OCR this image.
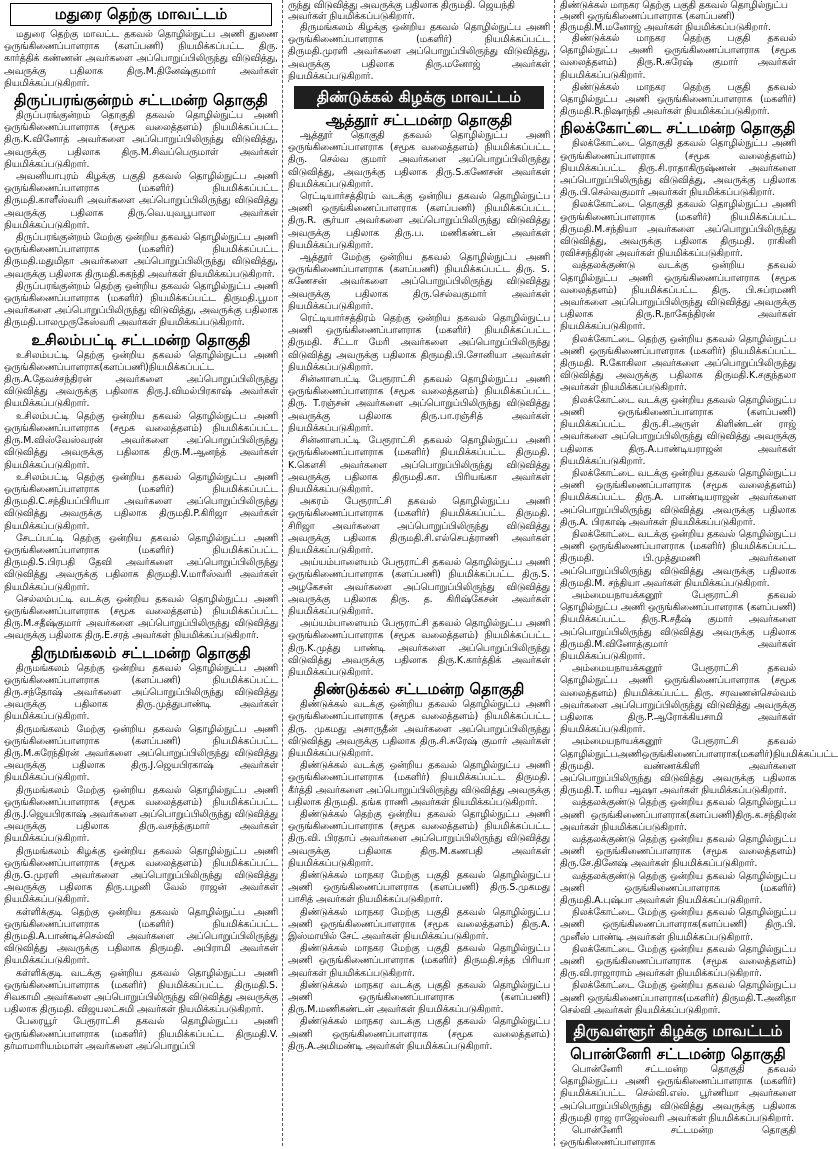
மதுரை தெற்கு மாவட்டம்

மதுரை தெற்கு மாவட்ட தகவல் தொழில்நுட்ப அணி துணை ஒருங்கிணைப்பாளராக (களப்பணி) நியமிக்கப்பட்ட திரு. கார்த்திக் கண்ணன் அவர்களை அப்பொறுப்பிலிருந்து விடுவித்து, அவருக்கு பதிலாக திரு.M.தினேஷ்குமார் அவர்கள் நியமிக்கப்படுகிறார்.

திருப்பரங்குன்றம் சட்டமன்ற தொகுதி

திருப்பரங்குன்றம் தொகுதி தகவல் தொழில்நுட்ப அணி ஒருங்கிணைப்பாளராக (சமூக வலைத்தளம்) நியமிக்கப்பட்ட திரு.K.வினோத் அவர்களை அப்பொறுப்பிலிருந்து விடுவித்து, அவருக்கு பதிலாக திரு.M.சிவப்பெருமாள் அவர்கள் நியமிக்கப்படுகிறார்.

அவனியாபுரம் கிழக்கு பகுதி தகவல் தொழில்நுட்ப அணி ஒருங்கிணைப்பாளராக (மகளிர்) நியமிக்கப்பட்ட திருமதி.காளீஸ்வரி அவர்களை அப்பொறுப்பிலிருந்து விடுவித்து அவருக்கு பதிலாக திரு.வெ.யுவபூபாலா அவர்கள் நியமிக்கப்படுகிறார்.

திருப்பரங்குன்றம் மேற்கு ஒன்றிய தகவல் தொழில்நுட்ப அணி ஒருங்கிணைப்பாளராக (மகளிர்) நியமிக்கப்பட்ட திருமதி.மதுமிதா அவர்களை அப்பொறுப்பிலிருந்து விடுவித்து, அவருக்கு பதிலாக திருமதி.சுகந்தி அவர்கள் நியமிக்கப்படுகிறார்.

திருப்பரங்குன்றம் தெற்கு ஒன்றிய தகவல் தொழில்நுட்ப அணி ஒருங்கிணைப்பாளராக (மகளிர்) நியமிக்கப்பட்ட திருமதி.பூமா அவர்களை அப்பொறுப்பிலிருந்து விடுவித்து, அவருக்கு பதிலாக திருமதி.பாலமுருகேஸ்வரி அவர்கள் நியமிக்கப்படுகிறார்.

உசிலம்பட்டி சட்டமன்ற தொகுதி

உசிலம்பட்டி தெற்கு ஒன்றிய தகவல் தொழில்நுட்ப அணி ஒருங்கிணைப்பாளராக(களப்பணி)நியமிக்கப்பட்ட திரு.A.தேவச்சந்திரன் அவர்களை அப்பொறுப்பிலிருந்து விடுவித்து அவருக்கு பதிலாக திரு.J.விமல்பிரகாஷ் அவர்கள் நியமிக்கப்படுகிறார்.

உசிலம்பட்டி தெற்கு ஒன்றிய தகவல் தொழில்நுட்ப அணி ஒருங்கிணைப்பாளராக (சமூக வலைத்தளம்) நியமிக்கப்பட்ட திரு.M.விஸ்வேஸ்வரன் அவர்களை அப்பொறுப்பிலிருந்து விடுவித்து அவருக்கு பதிலாக திரு.M.ஆனந்த் அவர்கள் நியமிக்கப்படுகிறார்.

உசிலம்பட்டி தெற்கு ஒன்றிய தகவல் தொழில்நுட்ப அணி ஒருங்கிணைப்பாளராக (மகளிர்) நியமிக்கப்பட்ட திருமதி.C.சந்தியப்பிரியா அவர்களை அப்பொறுப்பிலிருந்து விடுவித்து அவருக்கு பதிலாக திருமதி.P.கிரிஜா அவர்கள் நியமிக்கப்படுகிறார்.

சேடப்பட்டி தெற்கு ஒன்றிய தகவல் தொழில்நுட்ப அணி ஒருங்கிணைப்பாளராக (மகளிர்) நியமிக்கப்பட்ட திருமதி.S.பிரபதி தேவி அவர்களை அப்பொறுப்பிலிருந்து விடுவித்து அவருக்கு பதிலாக திருமதி.V.மாரீஸ்வரி அவர்கள் நியமிக்கப்படுகிறார்.

செல்லம்பட்டி வடக்கு ஒன்றிய தகவல் தொழில்நுட்ப அணி ஒருங்கிணைப்பாளராக (சமூக வலைத்தளம்) நியமிக்கப்பட்ட திரு.M.சதீஷ்குமார் அவர்களை அப்பொறுப்பிலிருந்து விடுவித்து அவருக்கு பதிலாக திரு.E.சரத் அவர்கள் நியமிக்கப்படுகிறார்.

திருமங்கலம் சட்டமன்ற தொகுதி

திருமங்கலம் தெற்கு ஒன்றிய தகவல் தொழில்நுட்ப அணி ஒருங்கிணைப்பாளராக (களப்பணி) நியமிக்கப்பட்ட திரு.சந்தோஷ் அவர்களை அப்பொறுப்பிலிருந்து விடுவித்து அவருக்கு பதிலாக திரு.முத்துபாண்டி அவர்கள் நியமிக்கப்படுகிறார்.

திருமங்கலம் மேற்கு ஒன்றிய தகவல் தொழில்நுட்ப அணி ஒருங்கிணைப்பாளராக (களப்பணி) நியமிக்கப்பட்ட திரு.M.சுரேந்திரன் அவர்களை அப்பொறுப்பிலிருந்து விடுவித்து அவருக்கு பதிலாக திரு.J.ஜெயபிரகாஷ் அவர்கள் நியமிக்கப்படுகிறார்.

திருமங்கலம் மேற்கு ஒன்றிய தகவல் தொழில்நுட்ப அணி ஒருங்கிணைப்பாளராக (சமூக வலைத்தளம்) நியமிக்கப்பட்ட திரு.J.ஜெயபிரகாஷ் அவர்களை அப்பொறுப்பிலிருந்து விடுவித்து அவருக்கு பதிலாக திரு.வசந்த்குமார் அவர்கள் நியமிக்கப்படுகிறார்.

திருமங்கலம் கிழக்கு ஒன்றிய தகவல் தொழில்நுட்ப அணி ஒருங்கிணைப்பாளராக (சமூக வலைத்தளம்) நியமிக்கப்பட்ட திரு.G.முரளி அவர்களை அப்பொறுப்பிலிருந்து விடுவித்து அவருக்கு பதிலாக திரு.பழனி வேல் ராஜன் அவர்கள் நியமிக்கப்படுகிறார்.

கள்ளிக்குடி தெற்கு ஒன்றிய தகவல் தொழில்நுட்ப அணி ஒருங்கிணைப்பாளராக (மகளிர்) நியமிக்கப்பட்ட திருமதி.A.பாண்டிச்செல்வி அவர்களை அப்பொறுப்பிலிருந்து விடுவித்து அவருக்கு பதிலாக திருமதி. அபிராமி அவர்கள் நியமிக்கப்படுகிறார்.

கள்ளிக்குடி வடக்கு ஒன்றிய தகவல் தொழில்நுட்ப அணி ஒருங்கிணைப்பாளராக (மகளிர்) நியமிக்கப்பட்ட திருமதி.S. சிவகாமி அவர்களை அப்பொறுப்பிலிருந்து விடுவித்து அவருக்கு பதிலாக திருமதி. விஜயலட்சுமி அவர்கள் நியமிக்கப்படுகிறார்.

பேரையூர் பேரூராட்சி தகவல் தொழில்நுட்ப அணி ஒருங்கிணைப்பாளராக (மகளிர்) நியமிக்கப்பட்ட திருமதி.V. தர்மாமாரியம்மாள் அவர்களை அப்பொறுப்பி

ருந்து விடுவித்து அவருக்கு பதிலாக திருமதி. ஜெயந்தி அவர்கள் நியமிக்கப்படுகிறார்.

திருமங்கலம் கிழக்கு ஒன்றிய தகவல் தொழில்நுட்ப அணி ஒருங்கிணைப்பாளராக (மகளிர்) நியமிக்கப்பட்ட திருமதி.முரளி அவர்களை அப்பொறுப்பிலிருந்து விடுவித்து, அவருக்கு பதிலாக திரு.மனோஜ் அவர்கள் நியமிக்கப்படுகிறார்.

திண்டுக்கல் கிழக்கு மாவட்டம்
ஆத்தூர் சட்டமன்ற தொகுதி

ஆத்தூர் தொகுதி தகவல் தொழில்நுட்ப அணி ஒருங்கிணைப்பாளராக (சமூக வலைத்தளம்) நியமிக்கப்பட்ட திரு. செல்வ குமார் அவர்களை அப்பொறுப்பிலிருந்து விடுவித்து, அவருக்கு பதிலாக திரு.S.கணேசன் அவர்கள் நியமிக்கப்படுகிறார்.

ரெட்டியார்சத்திரம் வடக்கு ஒன்றிய தகவல் தொழில்நுட்ப அணி ஒருங்கிணைப்பாளராக (களப்பணி) நியமிக்கப்பட்ட திரு.R. சூர்யா அவர்களை அப்பொறுப்பிலிருந்து விடுவித்து அவருக்கு பதிலாக திரு.ப. மணிகண்டன் அவர்கள் நியமிக்கப்படுகிறார்.

ஆத்தூர் மேற்கு ஒன்றிய தகவல் தொழில்நுட்ப அணி ஒருங்கிணைப்பாளராக (களப்பணி) நியமிக்கப்பட்ட திரு. S. கணேசன் அவர்களை அப்பொறுப்பிலிருந்து விடுவித்து அவருக்கு பதிலாக திரு.செல்வகுமார் அவர்கள் நியமிக்கப்படுகிறார்.

ரெட்டியார்சத்திரம் தெற்கு ஒன்றிய தகவல் தொழில்நுட்ப அணி ஒருங்கிணைப்பாளராக (மகளிர்) நியமிக்கப்பட்ட திருமதி. சீட்டா மேரி அவர்களை அப்பொறுப்பிலிருந்து விடுவித்து அவருக்கு பதிலாக திருமதி.பி.சோனியா அவர்கள் நியமிக்கப்படுகிறார்.

சின்னாளபட்டி பேரூராட்சி தகவல் தொழில்நுட்ப அணி ஒருங்கிணைப்பாளராக (சமூக வலைத்தளம்) நியமிக்கப்பட்ட திரு. T.ரஞ்சன் அவர்களை அப்பொறுப்பிலிருந்து விடுவித்து அவருக்கு பதிலாக திரு.பா.ரஞ்சித் அவர்கள் நியமிக்கப்படுகிறார்.

சின்னாளபட்டி பேரூராட்சி தகவல் தொழில்நுட்ப அணி ஒருங்கிணைப்பாளராக (மகளிர்) நியமிக்கப்பட்ட திருமதி. K.கௌசி அவர்களை அப்பொறுப்பிலிருந்து விடுவித்து அவருக்கு பதிலாக திருமதி.கா. பிரியங்கா அவர்கள் நியமிக்கப்படுகிறார்.

அகரம் பேரூராட்சி தகவல் தொழில்நுட்ப அணி ஒருங்கிணைப்பாளராக (மகளிர்) நியமிக்கப்பட்ட திருமதி. சிரிஜா அவர்களை அப்பொறுப்பிலிருந்து விடுவித்து அவருக்கு பதிலாக திருமதி.சி.எல்செபத்ராணி அவர்கள் நியமிக்கப்படுகிறார்.

அய்யம்பாளையம் பேரூராட்சி தகவல் தொழில்நுட்ப அணி ஒருங்கிணைப்பாளராக (களப்பணி) நியமிக்கப்பட்ட திரு.S. அழகேசன் அவர்களை அப்பொறுப்பிலிருந்து விடுவித்து அவருக்கு பதிலாக திரு. த. கிரிஷ்கேசன் அவர்கள் நியமிக்கப்படுகிறார்.

அய்யம்பாளையம் பேரூராட்சி தகவல் தொழில்நுட்ப அணி ஒருங்கிணைப்பாளராக (சமூக வலைத்தளம்) நியமிக்கப்பட்ட திரு.K.முத்து பாண்டி அவர்களை அப்பொறுப்பிலிருந்து விடுவித்து அவருக்கு பதிலாக திரு.K.கார்த்திக் அவர்கள் நியமிக்கப்படுகிறார்.

திண்டுக்கல் சட்டமன்ற தொகுதி

திண்டுக்கல் வடக்கு ஒன்றிய தகவல் தொழில்நுட்ப அணி ஒருங்கிணைப்பாளராக (சமூக வலைத்தளம்) நியமிக்கப்பட்ட திரு. முகமது அசாருதீன் அவர்களை அப்பொறுப்பிலிருந்து விடுவித்து அவருக்கு பதிலாக திரு.சி.சுரேஷ் குமார் அவர்கள் நியமிக்கப்படுகிறார்.

திண்டுக்கல் வடக்கு ஒன்றிய தகவல் தொழில்நுட்ப அணி ஒருங்கிணைப்பாளராக (மகளிர்) நியமிக்கப்பட்ட திருமதி. கீர்த்தி அவர்களை அப்பொறுப்பிலிருந்து விடுவித்து அவருக்கு பதிலாக திருமதி. தங்க ராணி அவர்கள் நியமிக்கப்படுகிறார்.

திண்டுக்கல் தெற்கு ஒன்றிய தகவல் தொழில்நுட்ப அணி ஒருங்கிணைப்பாளராக (சமூக வலைத்தளம்) நியமிக்கப்பட்ட திரு.வி. பிரதாப் அவர்களை அப்பொறுப்பிலிருந்து விடுவித்து அவருக்கு பதிலாக திரு.M.கணபதி அவர்கள் நியமிக்கப்படுகிறார்.

திண்டுக்கல் மாநகர மேற்கு பகுதி தகவல் தொழில்நுட்ப அணி ஒருங்கிணைப்பாளராக (களப்பணி) திரு.S.முகமது பாசித் அவர்கள் நியமிக்கப்படுகிறார்.

திண்டுக்கல் மாநகர மேற்கு பகுதி தகவல் தொழில்நுட்ப அணி ஒருங்கிணைப்பாளராக (சமூக வலைத்தளம்) திரு.A. இஸ்மாயில் சேட் அவர்கள் நியமிக்கப்படுகிறார்.

திண்டுக்கல் மாநகர மேற்கு பகுதி தகவல் தொழில்நுட்ப அணி ஒருங்கிணைப்பாளராக (மகளிர்) திருமதி.சந்த பிரியா அவர்கள் நியமிக்கப்படுகிறார்.

திண்டுக்கல் மாநகர வடக்கு பகுதி தகவல் தொழில்நுட்ப அணி ஒருங்கிணைப்பாளராக (களப்பணி) திரு.M.மணிகண்டன் அவர்கள் நியமிக்கப்படுகிறார்.

திண்டுக்கல் மாநகர வடக்கு பகுதி தகவல் தொழில்நுட்ப அணி ஒருங்கிணைப்பாளராக (சமூக வலைத்தளம்) திரு.A.அமிமண்டி அவர்கள் நியமிக்கப்படுகிறார்.

திண்டுக்கல் மாநகர தெற்கு பகுதி தகவல் தொழில்நுட்ப அணி ஒருங்கிணைப்பாளராக (களப்பணி) திருமதி.M.மனோஜ் அவர்கள் நியமிக்கப்படுகிறார்.

திண்டுக்கல் மாநகர தெற்கு பகுதி தகவல் தொழில்நுட்ப அணி ஒருங்கிணைப்பாளராக (சமூக வலைத்தளம்) திரு.R.சுரேஷ் குமார் அவர்கள் நியமிக்கப்படுகிறார்.

திண்டுக்கல் மாநகர தெற்கு பகுதி தகவல் தொழில்நுட்ப அணி ஒருங்கிணைப்பாளராக (மகளிர்) திருமதி.R.நிஷாந்தி அவர்கள் நியமிக்கப்படுகிறார்.

நிலக்கோட்டை சட்டமன்ற தொகுதி

நிலக்கோட்டை தொகுதி தகவல் தொழில்நுட்ப அணி ஒருங்கிணைப்பாளராக (சமூக வலைத்தளம்) நியமிக்கப்பட்ட திரு.சி.ராதாகிருஷ்ணன் அவர்களை அப்பொறுப்பிலிருந்து விடுவித்து, அவருக்கு பதிலாக திரு.பி.செல்வகுமார் அவர்கள் நியமிக்கப்படுகிறார்.

நிலக்கோட்டை தொகுதி தகவல் தொழில்நுட்ப அணி ஒருங்கிணைப்பாளராக (மகளிர்) நியமிக்கப்பட்ட திருமதி.M.சந்தியா அவர்களை அப்பொறுப்பிலிருந்து விடுவித்து, அவருக்கு பதிலாக திருமதி. ராகினி ரவிச்சந்திரன் அவர்கள் நியமிக்கப்படுகிறார்.

வத்தலக்குண்டு வடக்கு ஒன்றிய தகவல் தொழில்நுட்ப அணி ஒருங்கிணைப்பாளராக (சமூக வலைத்தளம்) நியமிக்கப்பட்ட திரு. பி.சுப்ரமணி அவர்களை அப்பொறுப்பிலிருந்து விடுவித்து அவருக்கு பதிலாக திரு.R.நாகேந்திரன் அவர்கள் நியமிக்கப்படுகிறார்.

நிலக்கோட்டை தெற்கு ஒன்றிய தகவல் தொழில்நுட்ப அணி ஒருங்கிணைப்பாளராக (மகளிர்) நியமிக்கப்பட்ட திருமதி. R.கோகிலா அவர்களை அப்பொறுப்பிலிருந்து விடுவித்து அவருக்கு பதிலாக திருமதி.K.சகுந்தலா அவர்கள் நியமிக்கப்படுகிறார்.

நிலக்கோட்டை வடக்கு ஒன்றிய தகவல் தொழில்நுட்ப அணி ஒருங்கிணைப்பாளராக (களப்பணி) நியமிக்கப்பட்ட திரு.சி.அருள் கிளிண்டன் ராஜ் அவர்களை அப்பொறுப்பிலிருந்து விடுவித்து அவருக்கு பதிலாக திரு.A.பாண்டியராஜன் அவர்கள் நியமிக்கப்படுகிறார்.

நிலக்கோட்டை வடக்கு ஒன்றிய தகவல் தொழில்நுட்ப அணி ஒருங்கிணைப்பாளராக (சமூக வலைத்தளம்) நியமிக்கப்பட்ட திரு.A. பாண்டியராஜன் அவர்களை அப்பொறுப்பிலிருந்து விடுவித்து அவருக்கு பதிலாக திரு.A. பிரகாஷ் அவர்கள் நியமிக்கப்படுகிறார்.

நிலக்கோட்டை வடக்கு ஒன்றிய தகவல் தொழில்நுட்ப அணி ஒருங்கிணைப்பாளராக (மகளிர்) நியமிக்கப்பட்ட திருமதி. பி.முத்துமணி அவர்களை அப்பொறுப்பிலிருந்து விடுவித்து அவருக்கு பதிலாக திருமதி.M. சந்தியா அவர்கள் நியமிக்கப்படுகிறார்.

அம்மையநாயக்கனூர் பேரூராட்சி தகவல் தொழில்நுட்ப அணி ஒருங்கிணைப்பாளராக (களப்பணி) நியமிக்கப்பட்ட திரு.R.சதீஷ் குமார் அவர்களை அப்பொறுப்பிலிருந்து விடுவித்து அவருக்கு பதிலாக திருமதி.M.வினோத்குமார் அவர்கள் நியமிக்கப்படுகிறார்.

அம்மையநாயக்கனூர் பேரூராட்சி தகவல் தொழில்நுட்ப அணி ஒருங்கிணைப்பாளராக (சமூக வலைத்தளம்) நியமிக்கப்பட்ட திரு. சரவணன்செல்வம் அவர்களை அப்பொறுப்பிலிருந்து விடுவித்து அவருக்கு பதிலாக திரு.P.ஆரோக்கியசாமி அவர்கள் நியமிக்கப்படுகிறார்.

அம்மையநாயக்கனூர் பேரூராட்சி தகவல் தொழில்நுட்பஅணிஒருங்கிணைப்பாளராக(மகளிர்)நியமிக்கப்பட்ட திருமதி. வண்ணக்கிளி அவர்களை அப்பொறுப்பிலிருந்து விடுவித்து அவருக்கு பதிலாக திருமதி.T. மரிய ஆஷா அவர்கள் நியமிக்கப்படுகிறார்.

வத்தலக்குண்டு தெற்கு ஒன்றிய தகவல் தொழில்நுட்ப அணி ஒருங்கிணைப்பாளராக(களப்பணி)திரு.க.சந்திரன் அவர்கள் நியமிக்கப்படுகிறார்.

வத்தலக்குண்டு தெற்கு ஒன்றிய தகவல் தொழில்நுட்ப அணி ஒருங்கிணைப்பாளராக (சமூக வலைத்தளம்) திரு.சே.தினேஷ் அவர்கள் நியமிக்கப்படுகிறார்.

வத்தலக்குண்டு தெற்கு ஒன்றிய தகவல் தொழில்நுட்ப அணி ஒருங்கிணைப்பாளராக (மகளிர்) திருமதி.A.புஷ்பா அவர்கள் நியமிக்கப்படுகிறார்.

நிலக்கோட்டை மேற்கு ஒன்றிய தகவல் தொழில்நுட்ப அணி ஒருங்கிணைப்பாளராக(களப்பணி) திரு.பி. முனீஸ் பாண்டி அவர்கள் நியமிக்கப்படுகிறார்.

நிலக்கோட்டை மேற்கு ஒன்றிய தகவல் தொழில்நுட்ப அணி ஒருங்கிணைப்பாளராக (சமூக வலைத்தளம்) திரு.வி.ராஜாராம் அவர்கள் நியமிக்கப்படுகிறார்.

நிலக்கோட்டை மேற்கு ஒன்றிய தகவல் தொழில்நுட்ப அணி ஒருங்கிணைப்பாளராக(மகளிர்) திருமதி.T.அனிதா செல்வி அவர்கள் நியமிக்கப்படுகிறார்.

திருவள்ளூர் கிழக்கு மாவட்டம்
பொன்னேரி சட்டமன்ற தொகுதி

பொன்னேரி சட்டமன்ற தொகுதி தகவல் தொழில்நுட்ப அணி ஒருங்கிணைப்பாளராக (மகளிர்) நியமிக்கப்பட்ட செல்வி.எஸ். பூர்ணிமா அவர்களை அப்பொறுப்பிலிருந்து விடுவித்து அவருக்கு பதிலாக திருமதி ராஜ ராஜேஸ்வரி அவர்கள் நியமிக்கப்படுகிறார்.

பொன்னேரி சட்டமன்ற தொகுதி ஒருங்கிணைப்பாளராக
